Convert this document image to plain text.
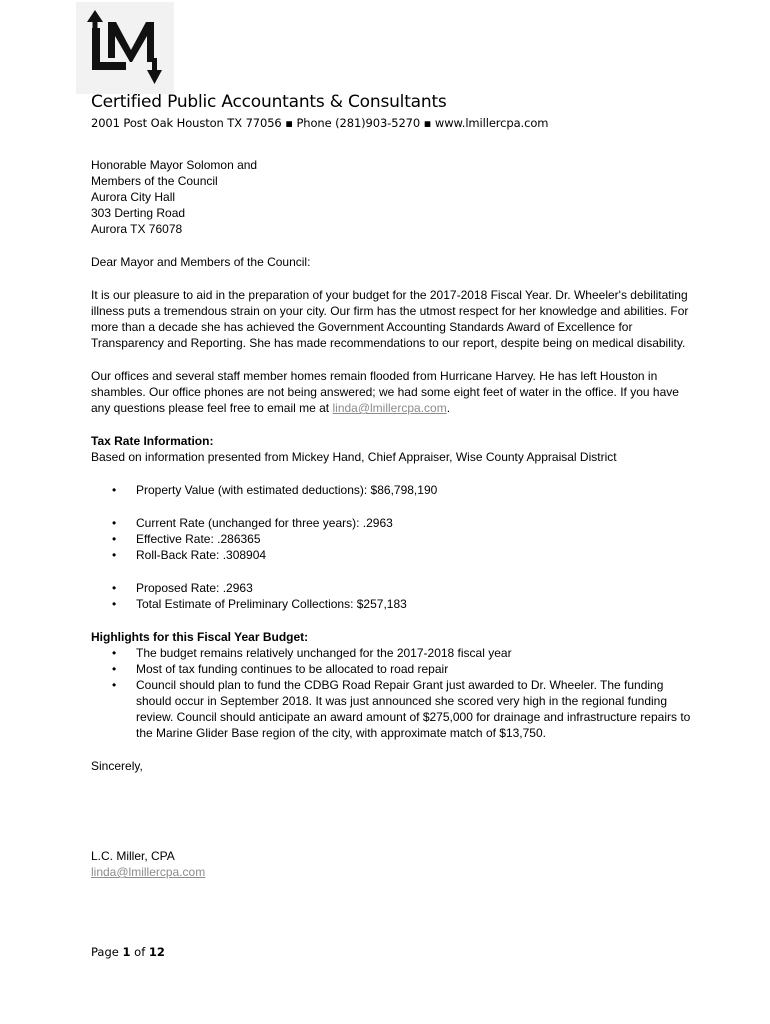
Certified Public Accountants & Consultants
2001 Post Oak Houston TX 77056 ▪ Phone (281)903-5270 ▪ www.lmillercpa.com
Honorable Mayor Solomon and
Members of the Council
Aurora City Hall
303 Derting Road
Aurora TX 76078

Dear Mayor and Members of the Council:

It is our pleasure to aid in the preparation of your budget for the 2017-2018 Fiscal Year. Dr. Wheeler's debilitating illness puts a tremendous strain on your city. Our firm has the utmost respect for her knowledge and abilities. For more than a decade she has achieved the Government Accounting Standards Award of Excellence for Transparency and Reporting. She has made recommendations to our report, despite being on medical disability.

Our offices and several staff member homes remain flooded from Hurricane Harvey. He has left Houston in shambles. Our office phones are not being answered; we had some eight feet of water in the office. If you have any questions please feel free to email me at linda@lmillercpa.com.

Tax Rate Information:

Based on information presented from Mickey Hand, Chief Appraiser, Wise County Appraisal District

• Property Value (with estimated deductions): $86,798,190
• Current Rate (unchanged for three years): .2963
• Effective Rate: .286365
• Roll-Back Rate: .308904
• Proposed Rate: .2963
• Total Estimate of Preliminary Collections: $257,183

Highlights for this Fiscal Year Budget:

• The budget remains relatively unchanged for the 2017-2018 fiscal year
• Most of tax funding continues to be allocated to road repair
• Council should plan to fund the CDBG Road Repair Grant just awarded to Dr. Wheeler. The funding should occur in September 2018. It was just announced she scored very high in the regional funding review. Council should anticipate an award amount of $275,000 for drainage and infrastructure repairs to the Marine Glider Base region of the city, with approximate match of $13,750.

Sincerely,

L.C. Miller, CPA

linda@lmillercpa.com

Page 1 of 12
